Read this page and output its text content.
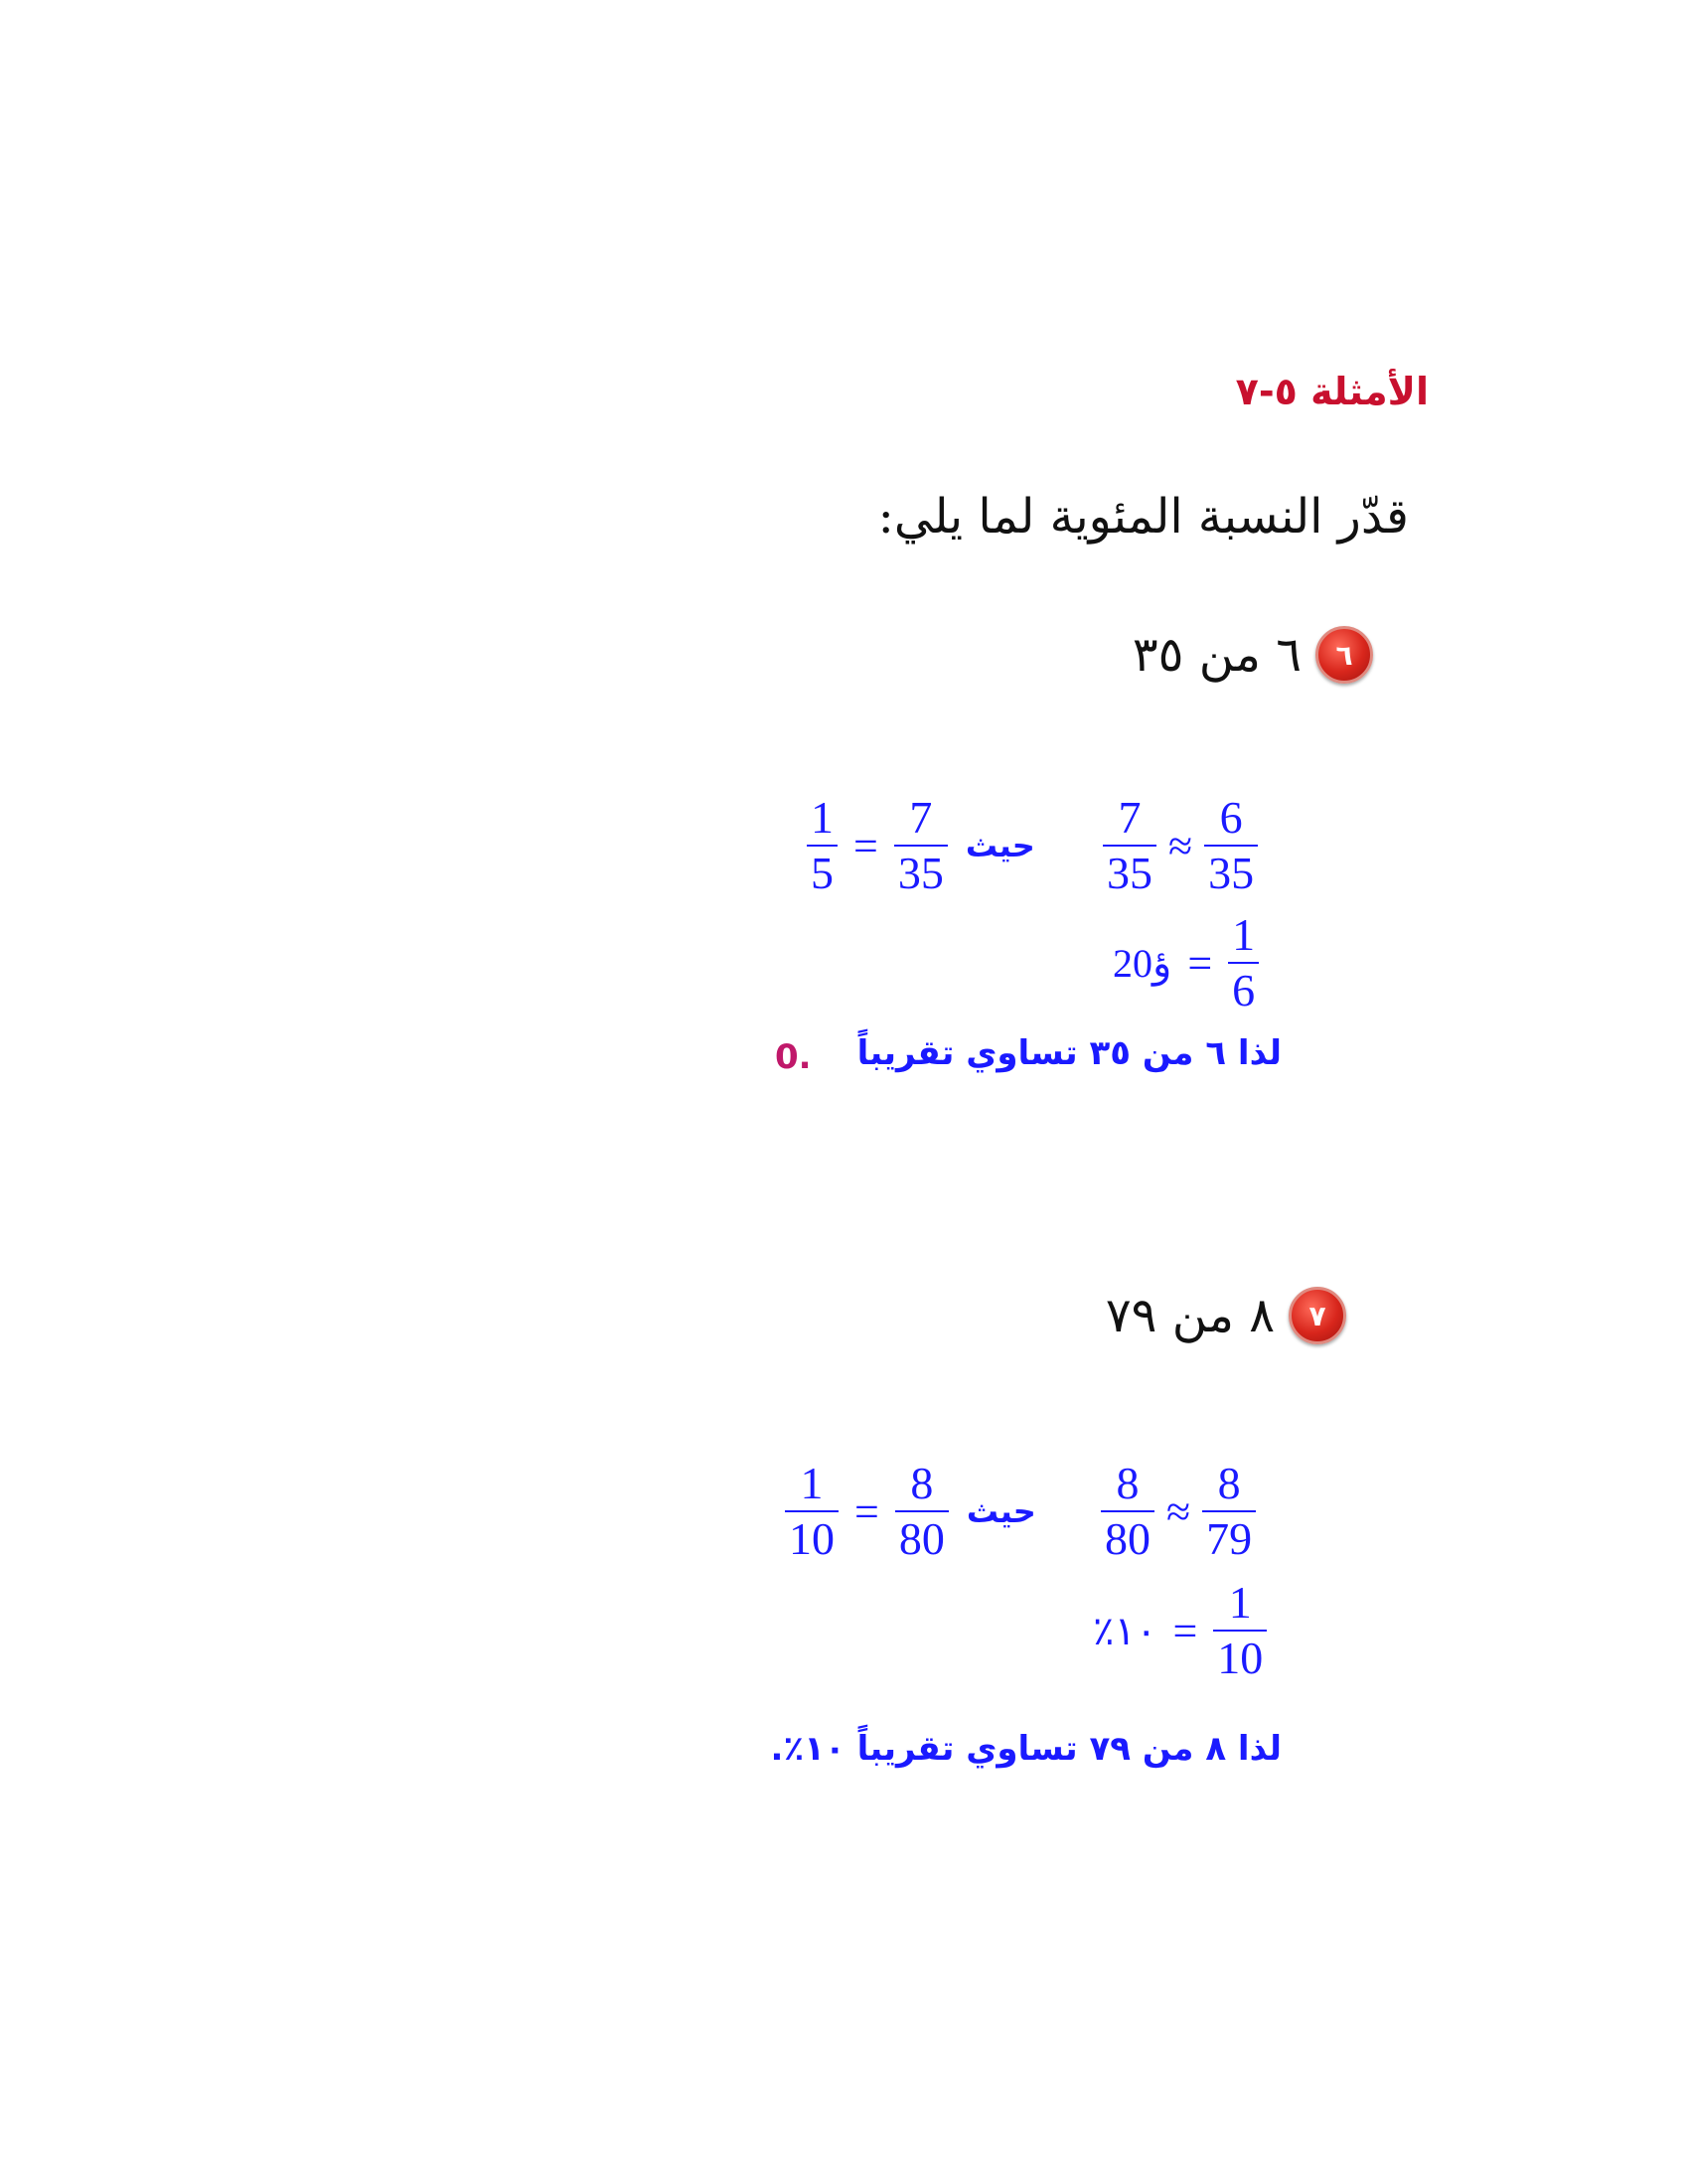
الأمثلة ٥-٧
قدّر النسبة المئوية لما يلي:
٦ من ٣٥ ٦
$\frac{7}{35} \approx \frac{6}{35}$
$\frac{1}{5} = \frac{7}{35}$ حيث
20ؤ = $\frac{1}{6}$
لذا ٦ من ٣٥ تساوي تقريباً
0.
٨ من ٧٩ ٧
$\frac{8}{80} \approx \frac{8}{79}$
$\frac{1}{10} = \frac{8}{80}$ حيث
٪١٠ = $\frac{1}{10}$
لذا ٨ من ٧٩ تساوي تقريباً ١٠٪.
